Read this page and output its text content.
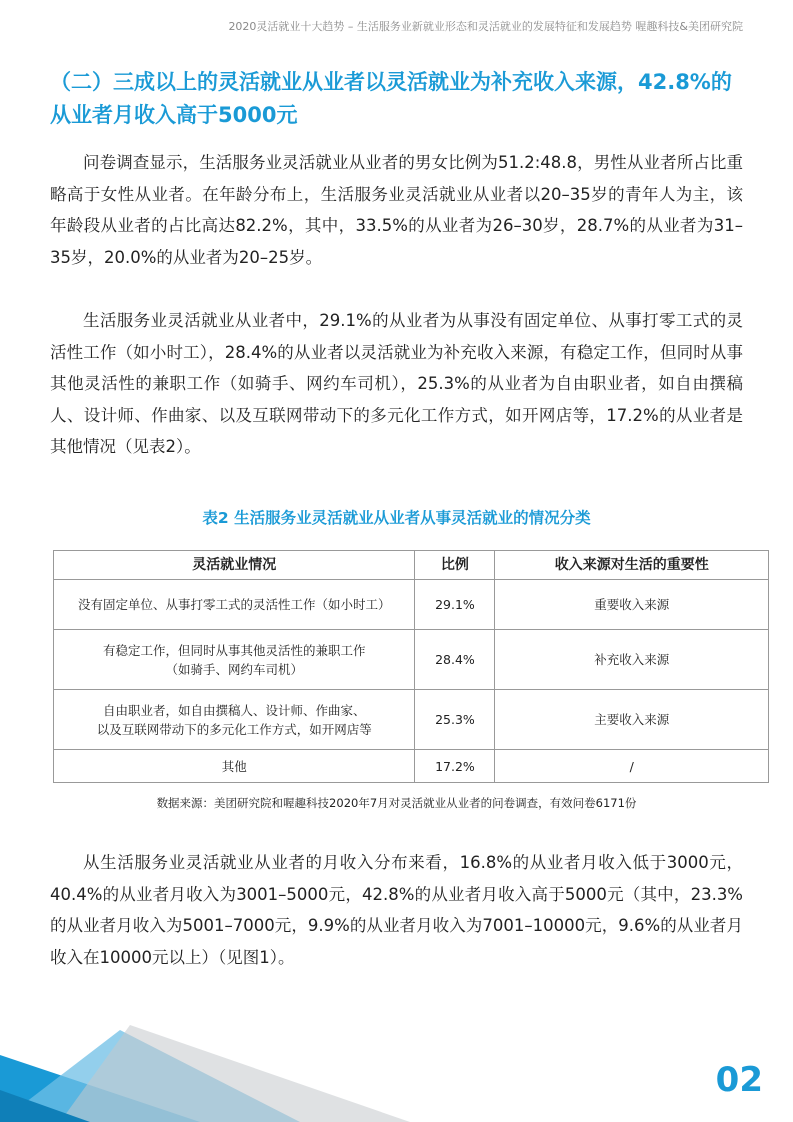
2020灵活就业十大趋势 – 生活服务业新就业形态和灵活就业的发展特征和发展趋势 喔趣科技&美团研究院
（二）三成以上的灵活就业从业者以灵活就业为补充收入来源，42.8%的从业者月收入高于5000元

问卷调查显示，生活服务业灵活就业从业者的男女比例为51.2:48.8，男性从业者所占比重略高于女性从业者。在年龄分布上，生活服务业灵活就业从业者以20–35岁的青年人为主，该年龄段从业者的占比高达82.2%，其中，33.5%的从业者为26–30岁，28.7%的从业者为31–35岁，20.0%的从业者为20–25岁。

生活服务业灵活就业从业者中，29.1%的从业者为从事没有固定单位、从事打零工式的灵活性工作（如小时工），28.4%的从业者以灵活就业为补充收入来源，有稳定工作，但同时从事其他灵活性的兼职工作（如骑手、网约车司机），25.3%的从业者为自由职业者，如自由撰稿人、设计师、作曲家、以及互联网带动下的多元化工作方式，如开网店等，17.2%的从业者是其他情况（见表2）。

表2 生活服务业灵活就业从业者从事灵活就业的情况分类
灵活就业情况	比例	收入来源对生活的重要性
没有固定单位、从事打零工式的灵活性工作（如小时工）	29.1%	重要收入来源
有稳定工作，但同时从事其他灵活性的兼职工作
（如骑手、网约车司机）	28.4%	补充收入来源
自由职业者，如自由撰稿人、设计师、作曲家、
以及互联网带动下的多元化工作方式，如开网店等	25.3%	主要收入来源
其他	17.2%	/
数据来源：美团研究院和喔趣科技2020年7月对灵活就业从业者的问卷调查，有效问卷6171份

从生活服务业灵活就业从业者的月收入分布来看，16.8%的从业者月收入低于3000元，40.4%的从业者月收入为3001–5000元，42.8%的从业者月收入高于5000元（其中，23.3%的从业者月收入为5001–7000元，9.9%的从业者月收入为7001–10000元，9.6%的从业者月收入在10000元以上）（见图1）。

02
